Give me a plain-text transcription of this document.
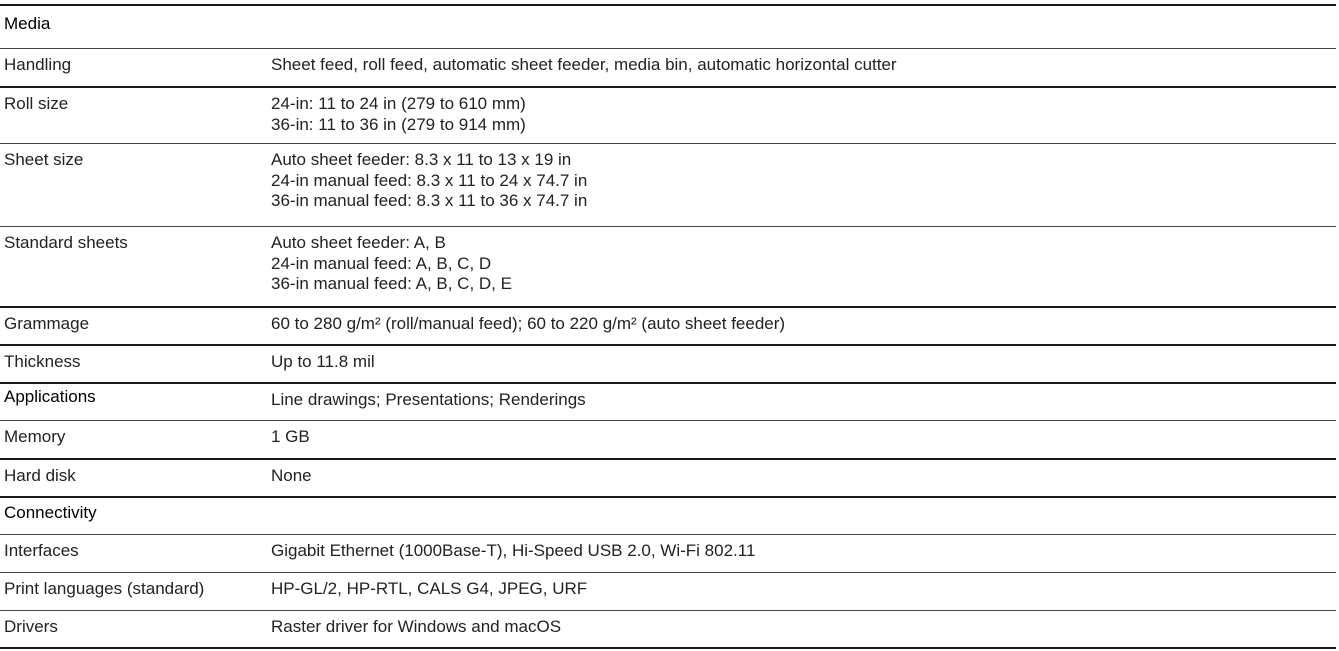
Media
Handling	Sheet feed, roll feed, automatic sheet feeder, media bin, automatic horizontal cutter
Roll size	24-in: 11 to 24 in (279 to 610 mm)
36-in: 11 to 36 in (279 to 914 mm)
Sheet size	Auto sheet feeder: 8.3 x 11 to 13 x 19 in
24-in manual feed: 8.3 x 11 to 24 x 74.7 in
36-in manual feed: 8.3 x 11 to 36 x 74.7 in
Standard sheets	Auto sheet feeder: A, B
24-in manual feed: A, B, C, D
36-in manual feed: A, B, C, D, E
Grammage	60 to 280 g/m² (roll/manual feed); 60 to 220 g/m² (auto sheet feeder)
Thickness	Up to 11.8 mil
Applications	Line drawings; Presentations; Renderings
Memory	1 GB
Hard disk	None
Connectivity
Interfaces	Gigabit Ethernet (1000Base-T), Hi-Speed USB 2.0, Wi-Fi 802.11
Print languages (standard)	HP-GL/2, HP-RTL, CALS G4, JPEG, URF
Drivers	Raster driver for Windows and macOS
